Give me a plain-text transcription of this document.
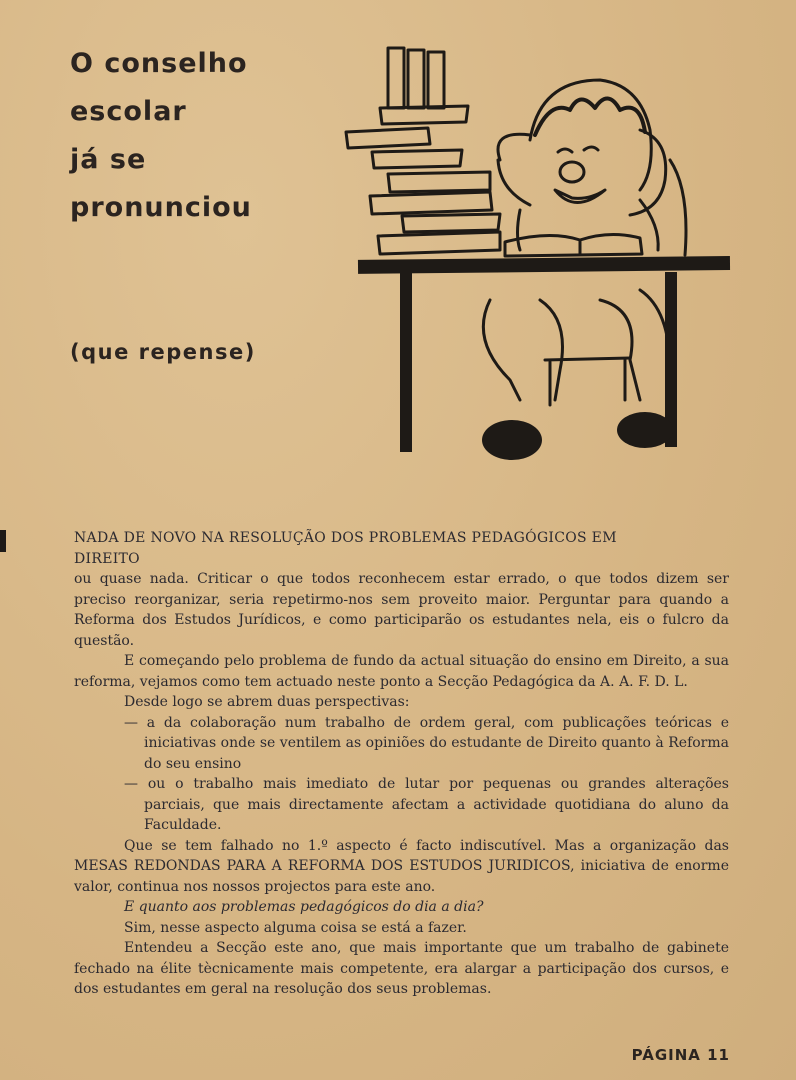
O conselho
escolar
já se
pronunciou
(que repense)

NADA DE NOVO NA RESOLUÇÃO DOS PROBLEMAS PEDAGÓGICOS EM

DIREITO

ou quase nada. Criticar o que todos reconhecem estar errado, o que todos dizem ser preciso reorganizar, seria repetirmo-nos sem proveito maior. Perguntar para quando a Reforma dos Estudos Jurídicos, e como participarão os estudantes nela, eis o fulcro da questão.

E começando pelo problema de fundo da actual situação do ensino em Direito, a sua reforma, vejamos como tem actuado neste ponto a Secção Pedagógica da A. A. F. D. L.

Desde logo se abrem duas perspectivas:

— a da colaboração num trabalho de ordem geral, com publicações teóricas e iniciativas onde se ventilem as opiniões do estudante de Direito quanto à Reforma do seu ensino

— ou o trabalho mais imediato de lutar por pequenas ou grandes alterações parciais, que mais directamente afectam a actividade quotidiana do aluno da Faculdade.

Que se tem falhado no 1.º aspecto é facto indiscutível. Mas a organização das MESAS REDONDAS PARA A REFORMA DOS ESTUDOS JURIDICOS, iniciativa de enorme valor, continua nos nossos projectos para este ano.

E quanto aos problemas pedagógicos do dia a dia?

Sim, nesse aspecto alguma coisa se está a fazer.

Entendeu a Secção este ano, que mais importante que um trabalho de gabinete fechado na élite tècnicamente mais competente, era alargar a participação dos cursos, e dos estudantes em geral na resolução dos seus problemas.

PÁGINA 11
